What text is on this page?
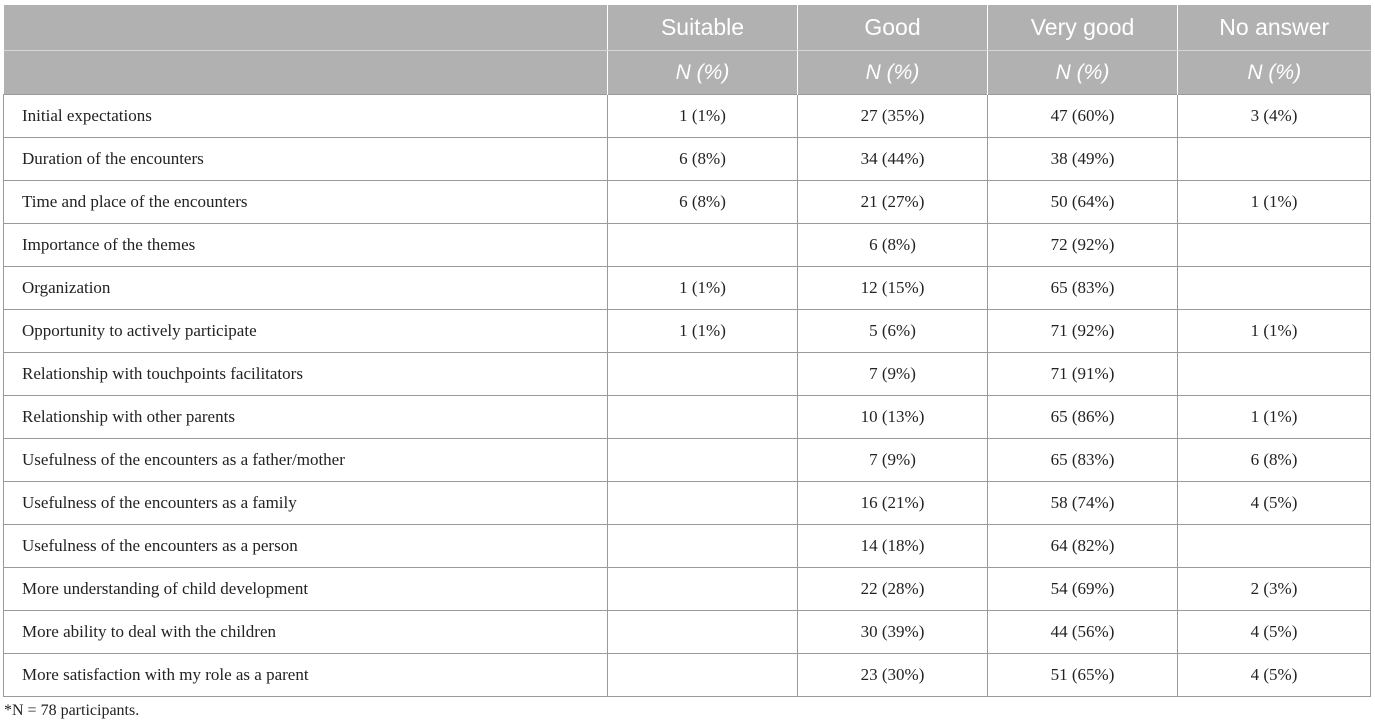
	Suitable	Good	Very good	No answer
	N (%)	N (%)	N (%)	N (%)
Initial expectations	1 (1%)	27 (35%)	47 (60%)	3 (4%)
Duration of the encounters	6 (8%)	34 (44%)	38 (49%)	
Time and place of the encounters	6 (8%)	21 (27%)	50 (64%)	1 (1%)
Importance of the themes		6 (8%)	72 (92%)	
Organization	1 (1%)	12 (15%)	65 (83%)	
Opportunity to actively participate	1 (1%)	5 (6%)	71 (92%)	1 (1%)
Relationship with touchpoints facilitators		7 (9%)	71 (91%)	
Relationship with other parents		10 (13%)	65 (86%)	1 (1%)
Usefulness of the encounters as a father/mother		7 (9%)	65 (83%)	6 (8%)
Usefulness of the encounters as a family		16 (21%)	58 (74%)	4 (5%)
Usefulness of the encounters as a person		14 (18%)	64 (82%)	
More understanding of child development		22 (28%)	54 (69%)	2 (3%)
More ability to deal with the children		30 (39%)	44 (56%)	4 (5%)
More satisfaction with my role as a parent		23 (30%)	51 (65%)	4 (5%)
*N = 78 participants.
